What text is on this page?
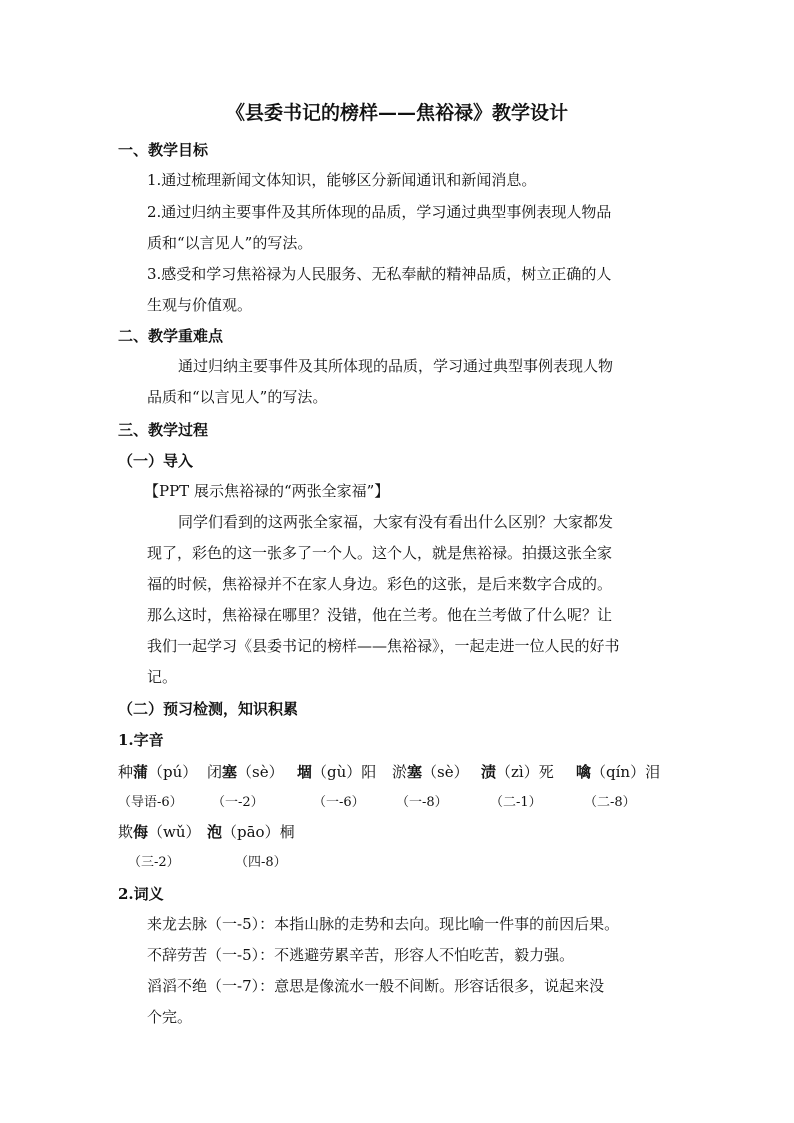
《县委书记的榜样——焦裕禄》教学设计
一、教学目标
1.通过梳理新闻文体知识，能够区分新闻通讯和新闻消息。
2.通过归纳主要事件及其所体现的品质，学习通过典型事例表现人物品
质和“以言见人”的写法。
3.感受和学习焦裕禄为人民服务、无私奉献的精神品质，树立正确的人
生观与价值观。
二、教学重难点
通过归纳主要事件及其所体现的品质，学习通过典型事例表现人物
品质和“以言见人”的写法。
三、教学过程
（一）导入
【PPT 展示焦裕禄的“两张全家福”】
同学们看到的这两张全家福，大家有没有看出什么区别？大家都发
现了，彩色的这一张多了一个人。这个人，就是焦裕禄。拍摄这张全家
福的时候，焦裕禄并不在家人身边。彩色的这张，是后来数字合成的。
那么这时，焦裕禄在哪里？没错，他在兰考。他在兰考做了什么呢？让
我们一起学习《县委书记的榜样——焦裕禄》，一起走进一位人民的好书
记。
（二）预习检测，知识积累
1.字音
种蒲（pú） 闭塞（sè） 堌（gù）阳 淤塞（sè） 渍（zì）死 噙（qín）泪
（导语-6） （一-2）	（一-6） （一-8）	（二-1）	（二-8）
欺侮（wǔ） 泡（pāo）桐
（三-2）	（四-8）
2.词义
来龙去脉（一-5）：本指山脉的走势和去向。现比喻一件事的前因后果。
不辞劳苦（一-5）：不逃避劳累辛苦，形容人不怕吃苦，毅力强。
滔滔不绝（一-7）：意思是像流水一般不间断。形容话很多，说起来没
个完。
